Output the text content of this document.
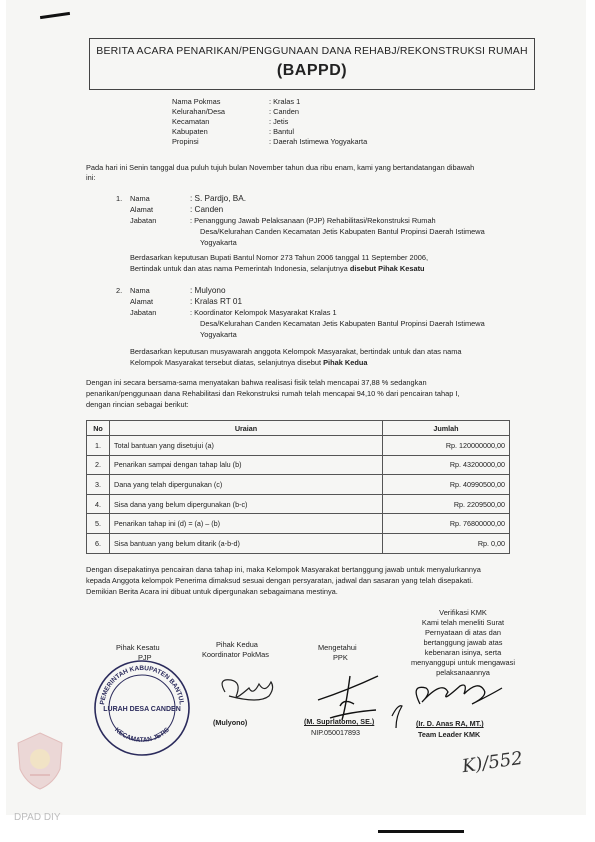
BERITA ACARA PENARIKAN/PENGGUNAAN DANA REHABJ/REKONSTRUKSI RUMAH
(BAPPD)
Nama Pokmas	: Kralas 1
Kelurahan/Desa	: Canden
Kecamatan	: Jetis
Kabupaten	: Bantul
Propinsi	: Daerah Istimewa Yogyakarta
Pada hari ini Senin tanggal dua puluh tujuh bulan November tahun dua ribu enam, kami yang bertandatangan dibawah
ini:
1. Nama	: S. Pardjo, BA.
Alamat	: Canden
Jabatan	: Penanggung Jawab Pelaksanaan (PJP) Rehabilitasi/Rekonstruksi Rumah
Desa/Kelurahan Canden Kecamatan Jetis Kabupaten Bantul Propinsi Daerah Istimewa
Yogyakarta
Berdasarkan keputusan Bupati Bantul Nomor 273 Tahun 2006 tanggal 11 September 2006,
Bertindak untuk dan atas nama Pemerintah Indonesia, selanjutnya disebut Pihak Kesatu
2. Nama	: Mulyono
Alamat	: Kralas RT 01
Jabatan	: Koordinator Kelompok Masyarakat Kralas 1
Desa/Kelurahan Canden Kecamatan Jetis Kabupaten Bantul Propinsi Daerah Istimewa
Yogyakarta
Berdasarkan keputusan musyawarah anggota Kelompok Masyarakat, bertindak untuk dan atas nama
Kelompok Masyarakat tersebut diatas, selanjutnya disebut Pihak Kedua
Dengan ini secara bersama-sama menyatakan bahwa realisasi fisik telah mencapai 37,88 % sedangkan
penarikan/penggunaan dana Rehabilitasi dan Rekonstruksi rumah telah mencapai 94,10 % dari pencairan tahap I,
dengan rincian sebagai berikut:
No	Uraian	Jumlah
1.	Total bantuan yang disetujui (a)	Rp. 120000000,00
2.	Penarikan sampai dengan tahap lalu (b)	Rp. 43200000,00
3.	Dana yang telah dipergunakan (c)	Rp. 40990500,00
4.	Sisa dana yang belum dipergunakan (b-c)	Rp. 2209500,00
5.	Penarikan tahap ini (d) = (a) – (b)	Rp. 76800000,00
6.	Sisa bantuan yang belum ditarik (a-b-d)	Rp. 0,00
Dengan disepakatinya pencairan dana tahap ini, maka Kelompok Masyarakat bertanggung jawab untuk menyalurkannya
kepada Anggota kelompok Penerima dimaksud sesuai dengan persyaratan, jadwal dan sasaran yang telah disepakati.
Demikian Berita Acara ini dibuat untuk dipergunakan sebagaimana mestinya.
Verifikasi KMK
Kami telah meneliti Surat
Pernyataan di atas dan
bertanggung jawab atas
kebenaran isinya, serta
menyanggupi untuk mengawasi
pelaksanaannya
Pihak Kesatu
PJP
Pihak Kedua
Koordinator PokMas
Mengetahui
PPK
PEMERINTAH KABUPATEN BANTUL
KECAMATAN JETIS
LURAH DESA CANDEN
(Mulyono)	(M. Suprlatomo, SE.)
NIP.050017893
(Ir. D. Anas RA, MT.)
Team Leader KMK
K)/552
DPAD DIY
